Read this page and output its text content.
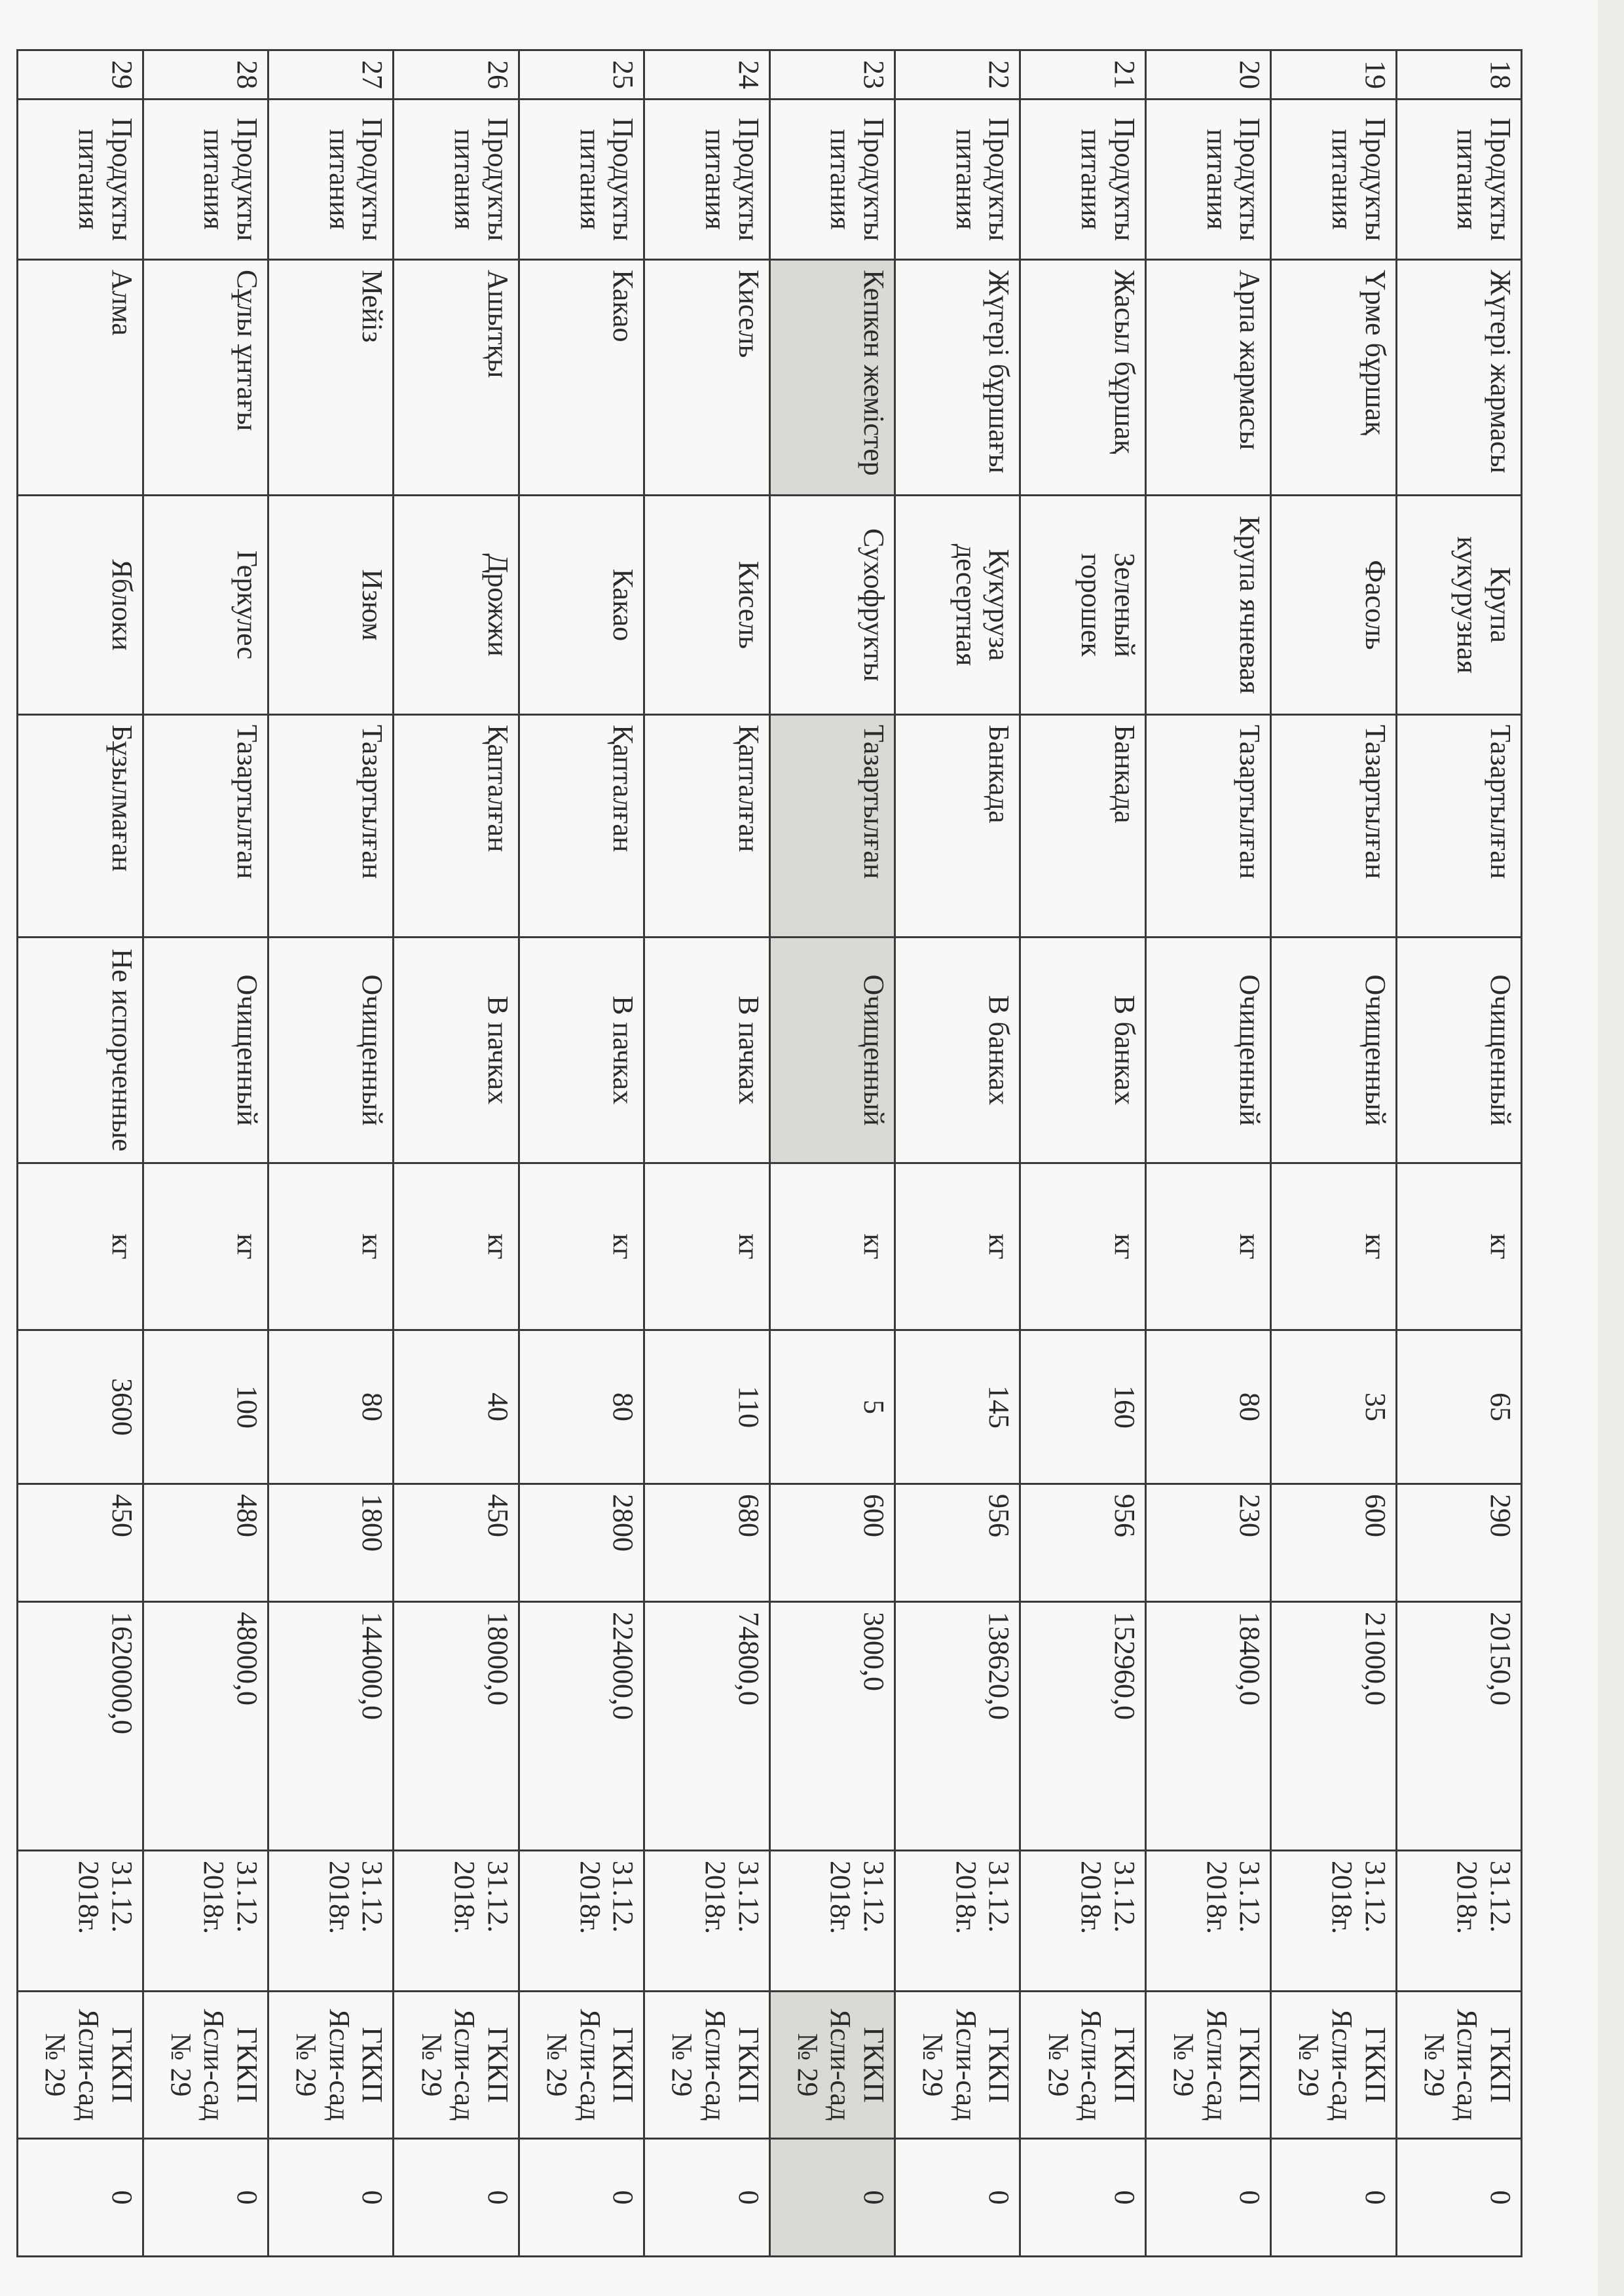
18	Продукты питания	Жүгері жармасы	Крупа кукурузная	Тазартылған	Очищенный	кг	65	290	20150,0	31.12. 2018г.	ГККП Ясли-сад № 29	0
19	Продукты питания	Үрме бұршақ	Фасоль	Тазартылған	Очищенный	кг	35	600	21000,0	31.12. 2018г.	ГККП Ясли-сад № 29	0
20	Продукты питания	Арпа жармасы	Крупа ячневая	Тазартылған	Очищенный	кг	80	230	18400,0	31.12. 2018г.	ГККП Ясли-сад № 29	0
21	Продукты питания	Жасыл бұршақ	Зеленый горошек	Банкада	В банках	кг	160	956	152960,0	31.12. 2018г.	ГККП Ясли-сад № 29	0
22	Продукты питания	Жүгері бұршағы	Кукуруза десертная	Банкада	В банках	кг	145	956	138620,0	31.12. 2018г.	ГККП Ясли-сад № 29	0
23	Продукты питания	Кепкен жемістер	Сухофрукты	Тазартылған	Очищенный	кг	5	600	3000,0	31.12. 2018г.	ГККП Ясли-сад № 29	0
24	Продукты питания	Кисель	Кисель	Қапталған	В пачках	кг	110	680	74800,0	31.12. 2018г.	ГККП Ясли-сад № 29	0
25	Продукты питания	Какао	Какао	Қапталған	В пачках	кг	80	2800	224000,0	31.12. 2018г.	ГККП Ясли-сад № 29	0
26	Продукты питания	Ашытқы	Дрожжи	Қапталған	В пачках	кг	40	450	18000,0	31.12. 2018г.	ГККП Ясли-сад № 29	0
27	Продукты питания	Мейіз	Изюм	Тазартылған	Очищенный	кг	80	1800	144000,0	31.12. 2018г.	ГККП Ясли-сад № 29	0
28	Продукты питания	Сұлы ұнтағы	Геркулес	Тазартылған	Очищенный	кг	100	480	48000,0	31.12. 2018г.	ГККП Ясли-сад № 29	0
29	Продукты питания	Алма	Яблоки	Бұзылмаған	Не испорченные	кг	3600	450	1620000,0	31.12. 2018г.	ГККП Ясли-сад № 29	0
